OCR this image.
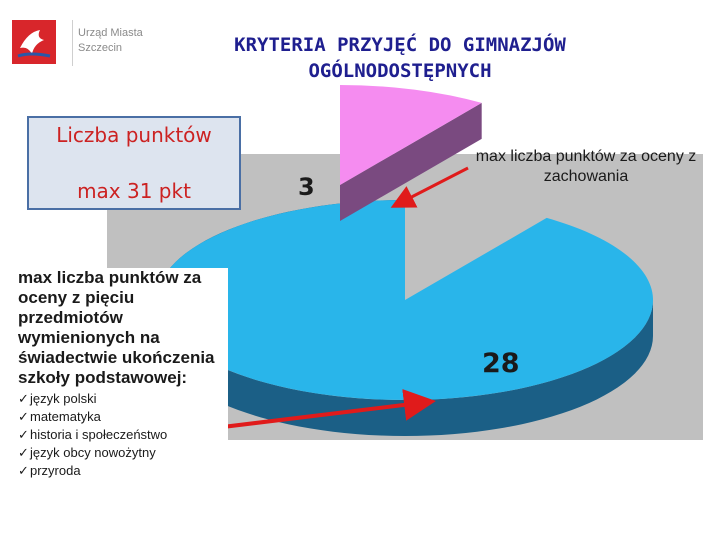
Urząd Miasta
Szczecin	KRYTERIA PRZYJĘĆ DO GIMNAZJÓW
OGÓLNODOSTĘPNYCH

Liczba punktów

max 31 pkt	3
28
max liczba punktów za oceny z zachowania
max liczba punktów za oceny z pięciu przedmiotów wymienionych na świadectwie ukończenia szkoły podstawowej:
✓język polski
✓matematyka
✓historia i społeczeństwo
✓język obcy nowożytny
✓przyroda
